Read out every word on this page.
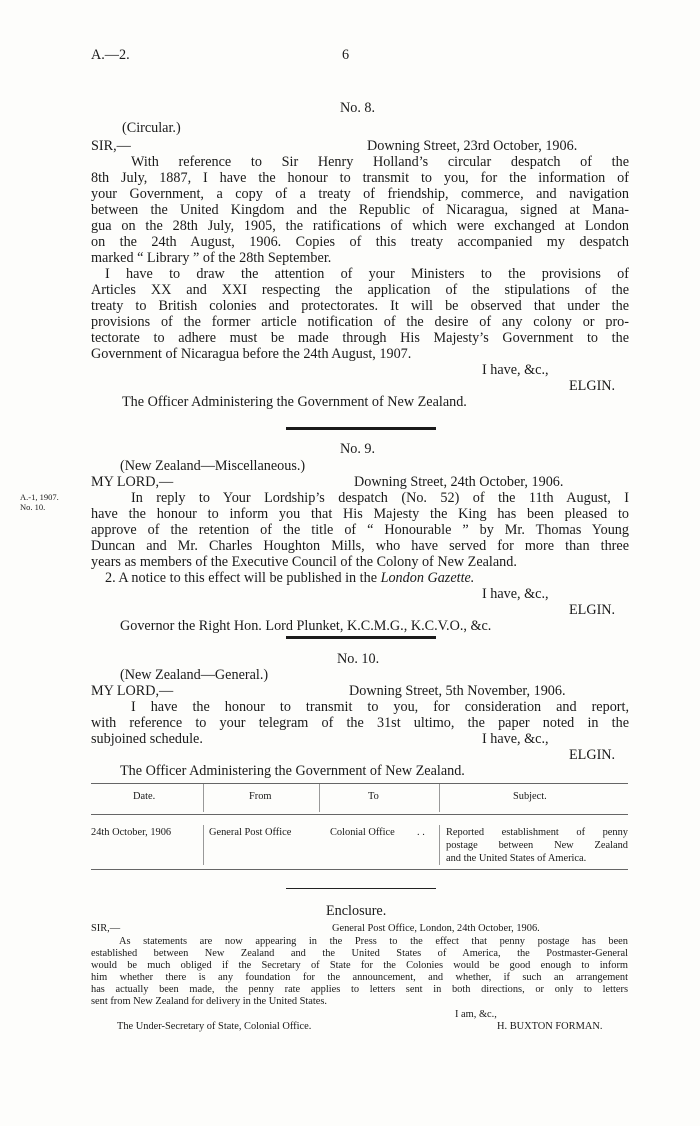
A.—2.	6
No. 8.
(Circular.)
SIR,—	Downing Street, 23rd October, 1906.
With reference to Sir Henry Holland’s circular despatch of the
8th July, 1887, I have the honour to transmit to you, for the information of
your Government, a copy of a treaty of friendship, commerce, and navigation
between the United Kingdom and the Republic of Nicaragua, signed at Mana-
gua on the 28th July, 1905, the ratifications of which were exchanged at London
on the 24th August, 1906. Copies of this treaty accompanied my despatch
marked “ Library ” of the 28th September.
I have to draw the attention of your Ministers to the provisions of
Articles XX and XXI respecting the application of the stipulations of the
treaty to British colonies and protectorates. It will be observed that under the
provisions of the former article notification of the desire of any colony or pro-
tectorate to adhere must be made through His Majesty’s Government to the
Government of Nicaragua before the 24th August, 1907.
I have, &c.,
ELGIN.
The Officer Administering the Government of New Zealand.
No. 9.
(New Zealand—Miscellaneous.)
MY LORD,—	Downing Street, 24th October, 1906.
A.-1, 1907.
No. 10.
In reply to Your Lordship’s despatch (No. 52) of the 11th August, I
have the honour to inform you that His Majesty the King has been pleased to
approve of the retention of the title of “ Honourable ” by Mr. Thomas Young
Duncan and Mr. Charles Houghton Mills, who have served for more than three
years as members of the Executive Council of the Colony of New Zealand.
2. A notice to this effect will be published in the London Gazette.
I have, &c.,
ELGIN.
Governor the Right Hon. Lord Plunket, K.C.M.G., K.C.V.O., &c.
No. 10.
(New Zealand—General.)
MY LORD,—	Downing Street, 5th November, 1906.
I have the honour to transmit to you, for consideration and report,
with reference to your telegram of the 31st ultimo, the paper noted in the
subjoined schedule.	I have, &c.,
ELGIN.
The Officer Administering the Government of New Zealand.
Date.	From	To	Subject.
24th October, 1906	General Post Office	Colonial Office . . Reported establishment of penny
postage between New Zealand
and the United States of America.
Enclosure.
SIR,—	General Post Office, London, 24th October, 1906.
As statements are now appearing in the Press to the effect that penny postage has been
established between New Zealand and the United States of America, the Postmaster-General
would be much obliged if the Secretary of State for the Colonies would be good enough to inform
him whether there is any foundation for the announcement, and whether, if such an arrangement
has actually been made, the penny rate applies to letters sent in both directions, or only to letters
sent from New Zealand for delivery in the United States.
I am, &c.,
The Under-Secretary of State, Colonial Office.	H. BUXTON FORMAN.
